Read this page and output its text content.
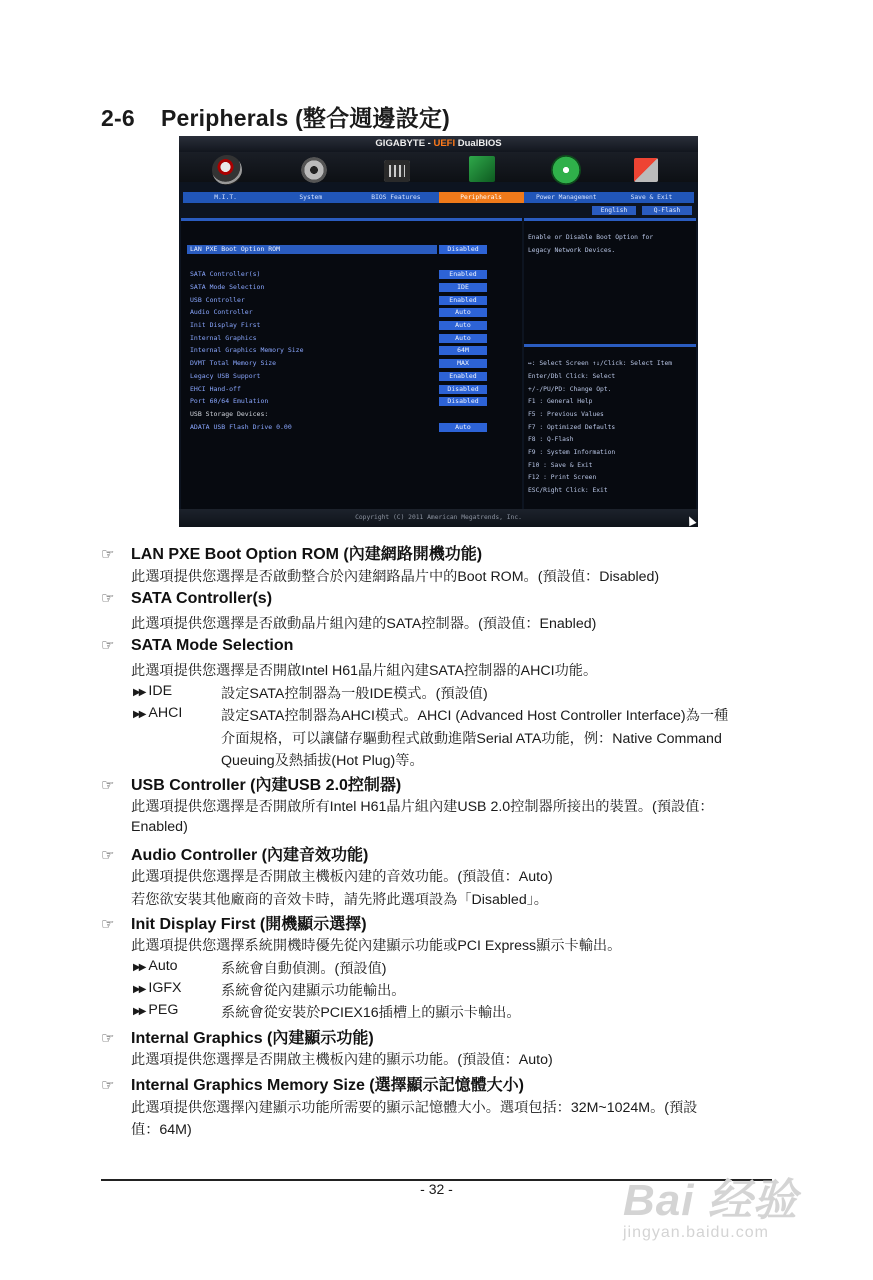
2-6 Peripherals (整合週邊設定)
GIGABYTE - UEFI DualBIOS
M.I.T.	System	BIOS Features	Peripherals	Power Management	Save & Exit
English	Q-Flash
LAN PXE Boot Option ROM	Disabled
SATA Controller(s)	Enabled
SATA Mode Selection	IDE
USB Controller	Enabled
Audio Controller	Auto
Init Display First	Auto
Internal Graphics	Auto
Internal Graphics Memory Size	64M
DVMT Total Memory Size	MAX
Legacy USB Support	Enabled
EHCI Hand-off	Disabled
Port 60/64 Emulation	Disabled
USB Storage Devices:
ADATA USB Flash Drive 0.00	Auto
Enable or Disable Boot Option for
Legacy Network Devices.
↔: Select Screen ↑↓/Click: Select Item
Enter/Dbl Click: Select
+/-/PU/PD: Change Opt.
F1 : General Help
F5 : Previous Values
F7 : Optimized Defaults
F8 : Q-Flash
F9 : System Information
F10 : Save & Exit
F12 : Print Screen
ESC/Right Click: Exit
Copyright (C) 2011 American Megatrends, Inc.
☞ LAN PXE Boot Option ROM (內建網路開機功能)
此選項提供您選擇是否啟動整合於內建網路晶片中的Boot ROM。(預設值：Disabled)
☞ SATA Controller(s)
此選項提供您選擇是否啟動晶片組內建的SATA控制器。(預設值：Enabled)
☞ SATA Mode Selection
此選項提供您選擇是否開啟Intel H61晶片組內建SATA控制器的AHCI功能。
▶▶ IDE	設定SATA控制器為一般IDE模式。(預設值)
▶▶ AHCI	設定SATA控制器為AHCI模式。AHCI (Advanced Host Controller Interface)為一種
介面規格，可以讓儲存驅動程式啟動進階Serial ATA功能，例：Native Command
Queuing及熱插拔(Hot Plug)等。
☞ USB Controller (內建USB 2.0控制器)
此選項提供您選擇是否開啟所有Intel H61晶片組內建USB 2.0控制器所接出的裝置。(預設值：
Enabled)
☞ Audio Controller (內建音效功能)
此選項提供您選擇是否開啟主機板內建的音效功能。(預設值：Auto)
若您欲安裝其他廠商的音效卡時，請先將此選項設為「Disabled」。
☞ Init Display First (開機顯示選擇)
此選項提供您選擇系統開機時優先從內建顯示功能或PCI Express顯示卡輸出。
▶▶ Auto	系統會自動偵測。(預設值)
▶▶ IGFX	系統會從內建顯示功能輸出。
▶▶ PEG	系統會從安裝於PCIEX16插槽上的顯示卡輸出。
☞ Internal Graphics (內建顯示功能)
此選項提供您選擇是否開啟主機板內建的顯示功能。(預設值：Auto)
☞ Internal Graphics Memory Size (選擇顯示記憶體大小)
此選項提供您選擇內建顯示功能所需要的顯示記憶體大小。選項包括：32M~1024M。(預設
值：64M)
- 32 -	Bai 经验
jingyan.baidu.com
